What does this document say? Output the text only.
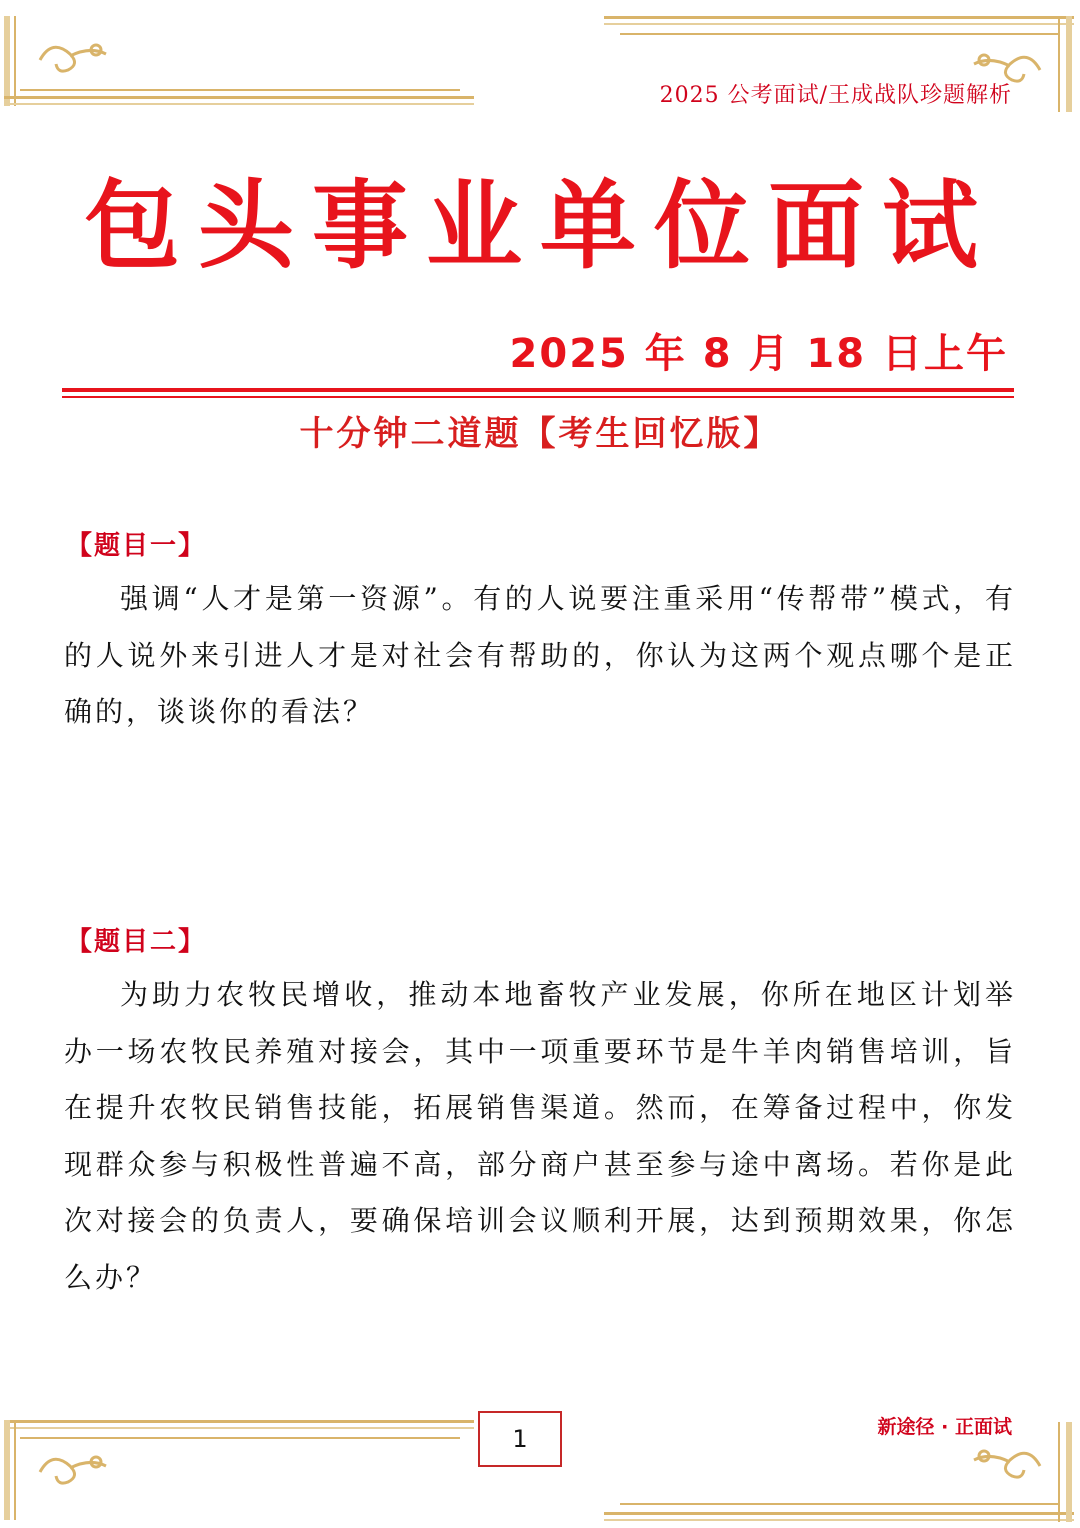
2025 公考面试/王成战队珍题解析
包头事业单位面试
2025 年 8 月 18 日上午
十分钟二道题【考生回忆版】
【题目一】
强调“人才是第一资源”。有的人说要注重采用“传帮带”模式，有的人说外来引进人才是对社会有帮助的，你认为这两个观点哪个是正确的，谈谈你的看法？
【题目二】
为助力农牧民增收，推动本地畜牧产业发展，你所在地区计划举办一场农牧民养殖对接会，其中一项重要环节是牛羊肉销售培训，旨在提升农牧民销售技能，拓展销售渠道。然而，在筹备过程中，你发现群众参与积极性普遍不高，部分商户甚至参与途中离场。若你是此次对接会的负责人，要确保培训会议顺利开展，达到预期效果，你怎么办？
1	新途径 · 正面试
